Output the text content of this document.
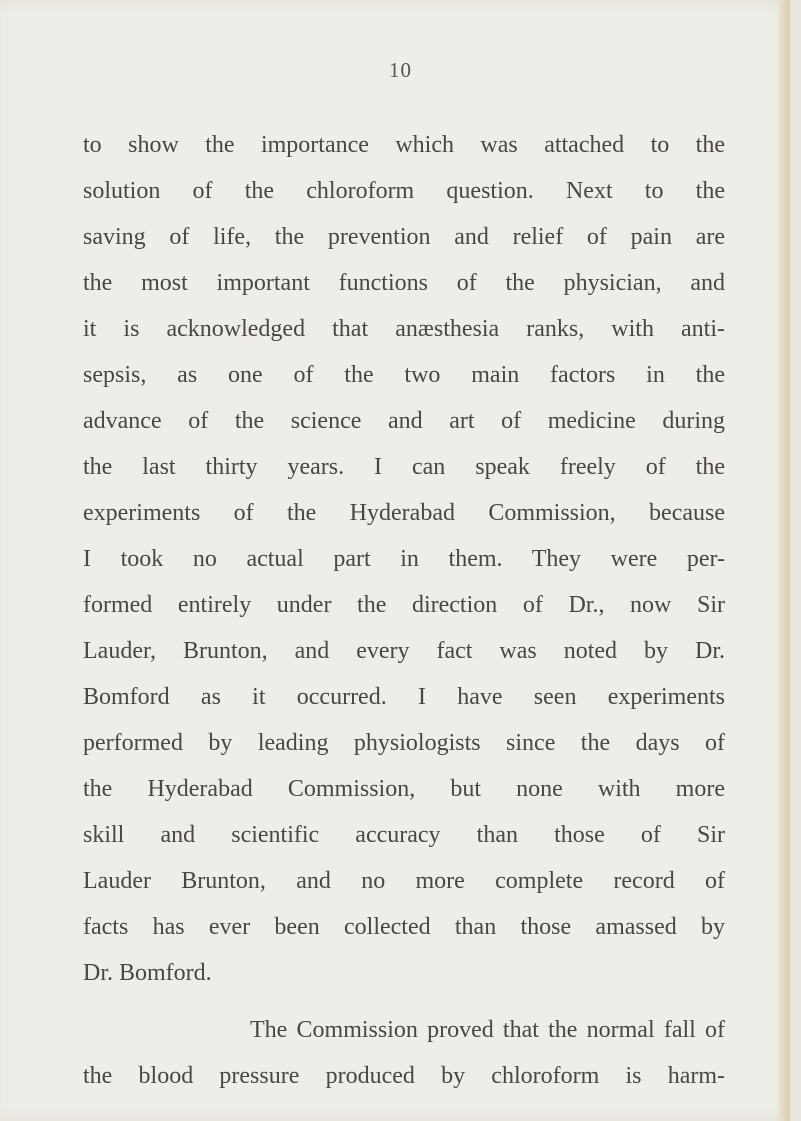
10
to show the importance which was attached to the
solution of the chloroform question. Next to the
saving of life, the prevention and relief of pain are
the most important functions of the physician, and
it is acknowledged that anæsthesia ranks, with anti-
sepsis, as one of the two main factors in the
advance of the science and art of medicine during
the last thirty years. I can speak freely of the
experiments of the Hyderabad Commission, because
I took no actual part in them. They were per-
formed entirely under the direction of Dr., now Sir
Lauder, Brunton, and every fact was noted by Dr.
Bomford as it occurred. I have seen experiments
performed by leading physiologists since the days of
the Hyderabad Commission, but none with more
skill and scientific accuracy than those of Sir
Lauder Brunton, and no more complete record of
facts has ever been collected than those amassed by
Dr. Bomford.
The Commission proved that the normal fall of
the blood pressure produced by chloroform is harm-
